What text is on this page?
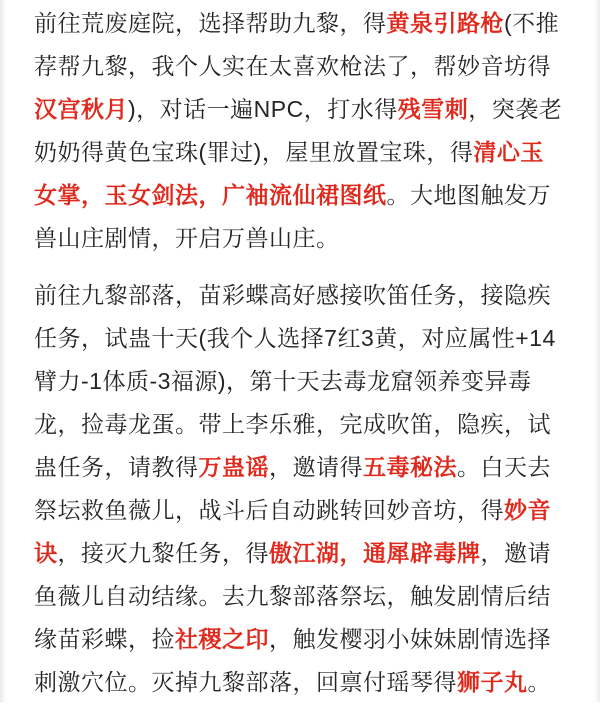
前往荒废庭院，选择帮助九黎，得黄泉引路枪(不推荐帮九黎，我个人实在太喜欢枪法了，帮妙音坊得汉宫秋月)，对话一遍NPC，打水得残雪刺，突袭老奶奶得黄色宝珠(罪过)，屋里放置宝珠，得清心玉女掌，玉女剑法，广袖流仙裙图纸。大地图触发万兽山庄剧情，开启万兽山庄。

前往九黎部落，苗彩蝶高好感接吹笛任务，接隐疾任务，试蛊十天(我个人选择7红3黄，对应属性+14臂力-1体质-3福源)，第十天去毒龙窟领养变异毒龙，捡毒龙蛋。带上李乐雅，完成吹笛，隐疾，试蛊任务，请教得万蛊谣，邀请得五毒秘法。白天去祭坛救鱼薇儿，战斗后自动跳转回妙音坊，得妙音诀，接灭九黎任务，得傲江湖，通犀辟毒牌，邀请鱼薇儿自动结缘。去九黎部落祭坛，触发剧情后结缘苗彩蝶，捡社稷之印，触发樱羽小妹妹剧情选择刺激穴位。灭掉九黎部落，回禀付瑶琴得狮子丸。
